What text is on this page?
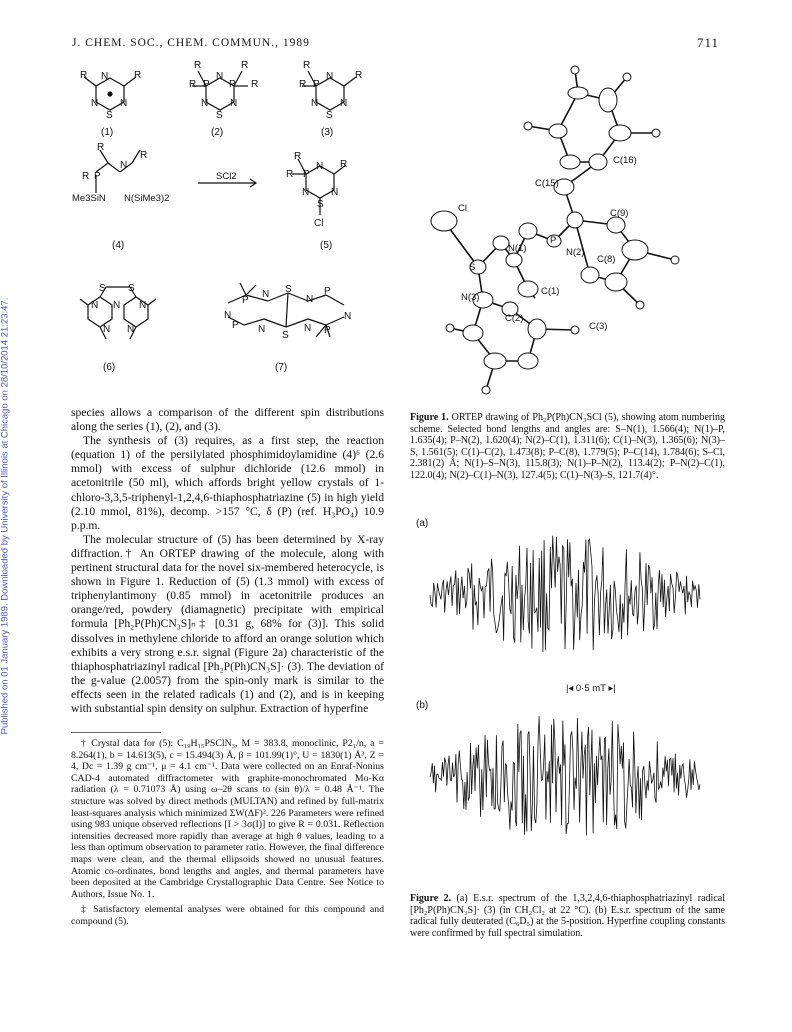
J. CHEM. SOC., CHEM. COMMUN., 1989	711
Published on 01 January 1989. Downloaded by University of Illinois at Chicago on 28/10/2014 21:23:47.
R	R
N
N N
S
R	R
R	R
N
P P
N N
S
R
R P
N R
N N
S
R
R P
N
R
Me3SiN N(SiMe3)2
SCl2
R
R P
N R
N N
S
Cl
S S
N N N
N N
P
N S
N
P
N
P N
S
N P
N
(1)	(2)	(3)
(4)	(5)
(6)	(7)

species allows a comparison of the different spin distributions along the series (1), (2), and (3).

The synthesis of (3) requires, as a first step, the reaction (equation 1) of the persilylated phosphimidoylamidine (4)⁶ (2.6 mmol) with excess of sulphur dichloride (12.6 mmol) in acetonitrile (50 ml), which affords bright yellow crystals of 1-chloro-3,3,5-triphenyl-1,2,4,6-thiaphosphatriazine (5) in high yield (2.10 mmol, 81%), decomp. >157 °C, δ (P) (ref. H₃PO₄) 10.9 p.p.m.

The molecular structure of (5) has been determined by X-ray diffraction.† An ORTEP drawing of the molecule, along with pertinent structural data for the novel six-membered heterocycle, is shown in Figure 1. Reduction of (5) (1.3 mmol) with excess of triphenylantimony (0.85 mmol) in acetonitrile produces an orange/red, powdery (diamagnetic) precipitate with empirical formula [Ph₂P(Ph)CN₃S]ₙ‡ [0.31 g, 68% for (3)]. This solid dissolves in methylene chloride to afford an orange solution which exhibits a very strong e.s.r. signal (Figure 2a) characteristic of the thiaphosphatriazinyl radical [Ph₂P(Ph)CN₃S]· (3). The deviation of the g-value (2.0057) from the spin-only mark is similar to the effects seen in the related radicals (1) and (2), and is in keeping with substantial spin density on sulphur. Extraction of hyperfine

† Crystal data for (5): C₁₉H₁₅PSClN₃, M = 383.8, monoclinic, P2₁/n, a = 8.264(1), b = 14.613(5), c = 15.494(3) Å, β = 101.99(1)°, U = 1830(1) Å³, Z = 4, Dc = 1.39 g cm⁻¹, μ = 4.1 cm⁻¹. Data were collected on an Enraf-Nonius CAD-4 automated diffractometer with graphite-monochromated Mo-Kα radiation (λ = 0.71073 Å) using ω–2θ scans to (sin θ)/λ = 0.48 Å⁻¹. The structure was solved by direct methods (MULTAN) and refined by full-matrix least-squares analysis which minimized ΣW(ΔF)². 226 Parameters were refined using 983 unique observed reflections [I > 3σ(I)] to give R = 0.031. Reflection intensities decreased more rapidly than average at high θ values, leading to a less than optimum observation to parameter ratio. However, the final difference maps were clean, and the thermal ellipsoids showed no unusual features. Atomic co-ordinates, bond lengths and angles, and thermal parameters have been deposited at the Cambridge Crystallographic Data Centre. See Notice to Authors, Issue No. 1.

‡ Satisfactory elemental analyses were obtained for this compound and compound (5).

C(16)
C(15)
C(9)
Cl
N(1)
P
N(2)
C(8)
S
N(3)
C(1)
C(2)
C(3)
Figure 1. ORTEP drawing of Ph₂P(Ph)CN₃SCl (5), showing atom numbering scheme. Selected bond lengths and angles are: S–N(1), 1.566(4); N(1)–P, 1.635(4); P–N(2), 1.620(4); N(2)–C(1), 1.311(6); C(1)–N(3), 1.365(6); N(3)–S, 1.561(5); C(1)–C(2), 1.473(8); P–C(8), 1.779(5); P–C(14), 1.784(6); S–Cl, 2.381(2) Å; N(1)–S–N(3), 115.8(3); N(1)–P–N(2), 113.4(2); P–N(2)–C(1), 122.0(4); N(2)–C(1)–N(3), 127.4(5); C(1)–N(3)–S, 121.7(4)°.
(a)
|◂ 0·5 mT ▸|
(b)
Figure 2. (a) E.s.r. spectrum of the 1,3,2,4,6-thiaphosphatriazinyl radical [Ph₂P(Ph)CN₃S]· (3) (in CH₂Cl₂ at 22 °C). (b) E.s.r. spectrum of the same radical fully deuterated (C₆D₅) at the 5-position. Hyperfine coupling constants were confirmed by full spectral simulation.
